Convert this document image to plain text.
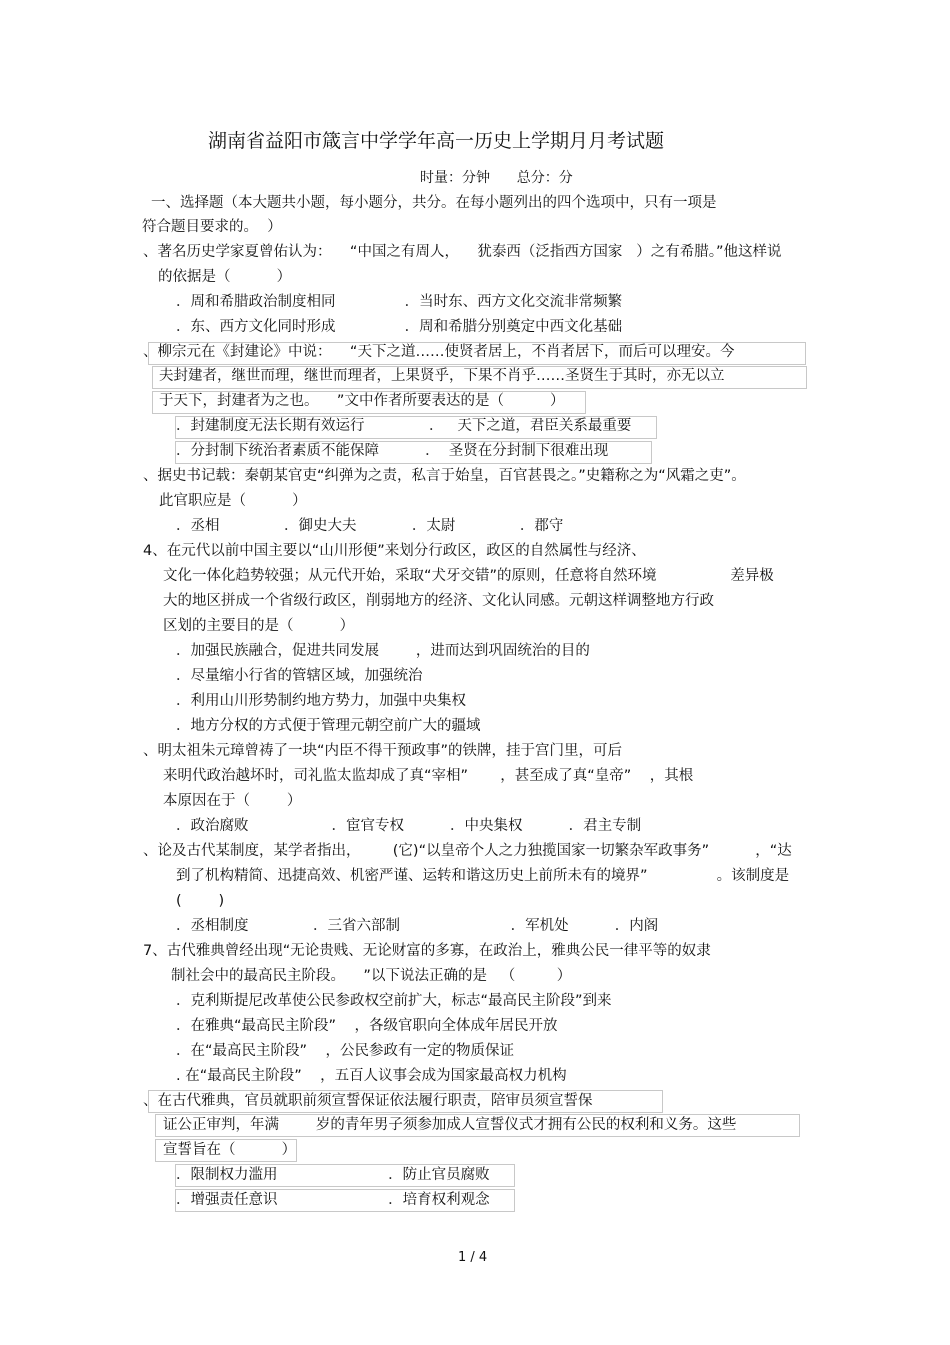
湖南省益阳市箴言中学学年高一历史上学期月月考试题
时量：分钟      总分：分
一、选择题（本大题共小题，每小题分，共分。在每小题列出的四个选项中，只有一项是
符合题目要求的。  ）
、著名历史学家夏曾佑认为：    “中国之有周人，    犹泰西（泛指西方国家   ）之有希腊。”他这样说
的依据是（          ）
．周和希腊政治制度相同               ．当时东、西方文化交流非常频繁
．东、西方文化同时形成               ．周和希腊分别奠定中西文化基础
、柳宗元在《封建论》中说：    “天下之道……使贤者居上，不肖者居下，而后可以理安。今
夫封建者，继世而理，继世而理者，上果贤乎，下果不肖乎……圣贤生于其时，亦无以立
于天下，封建者为之也。    ”文中作者所要表达的是（          ）
．封建制度无法长期有效运行              ．   天下之道，君臣关系最重要
．分封制下统治者素质不能保障          ．  圣贤在分封制下很难出现
、据史书记载：秦朝某官吏“纠弹为之责，私言于始皇，百官甚畏之。”史籍称之为“风霜之吏”。
此官职应是（          ）
．丞相              ．御史大夫            ．太尉              ．郡守
4、在元代以前中国主要以“山川形便”来划分行政区，政区的自然属性与经济、
文化一体化趋势较强；从元代开始，采取“犬牙交错”的原则，任意将自然环境                差异极
大的地区拼成一个省级行政区，削弱地方的经济、文化认同感。元朝这样调整地方行政
区划的主要目的是（          ）
．加强民族融合，促进共同发展        ，进而达到巩固统治的目的
．尽量缩小行省的管辖区域，加强统治
．利用山川形势制约地方势力，加强中央集权
．地方分权的方式便于管理元朝空前广大的疆域
、明太祖朱元璋曾祷了一块“内臣不得干预政事”的铁牌，挂于宫门里，可后
来明代政治越坏时，司礼监太监却成了真“宰相”       ，甚至成了真“皇帝”    ，其根
本原因在于（        ）
．政治腐败                  ．宦官专权          ．中央集权          ．君主专制
、论及古代某制度，某学者指出，       (它)“以皇帝个人之力独揽国家一切繁杂军政事务”          ，“达
到了机构精简、迅捷高效、机密严谨、运转和谐这历史上前所未有的境界”               。该制度是
(        )
．丞相制度              ．三省六部制                        ．军机处          ．内阁
7、古代雅典曾经出现“无论贵贱、无论财富的多寡，在政治上，雅典公民一律平等的奴隶
制社会中的最高民主阶段。    ”以下说法正确的是   （         ）
．克利斯提尼改革使公民参政权空前扩大，标志“最高民主阶段”到来
．在雅典“最高民主阶段”    ，各级官职向全体成年居民开放
．在“最高民主阶段”    ，公民参政有一定的物质保证
. 在“最高民主阶段”    ，五百人议事会成为国家最高权力机构
、在古代雅典，官员就职前须宣誓保证依法履行职责，陪审员须宣誓保
证公正审判，年满        岁的青年男子须参加成人宣誓仪式才拥有公民的权利和义务。这些
宣誓旨在（          ）
．限制权力滥用                        ．防止官员腐败
．增强责任意识                        ．培育权利观念
1 / 4
